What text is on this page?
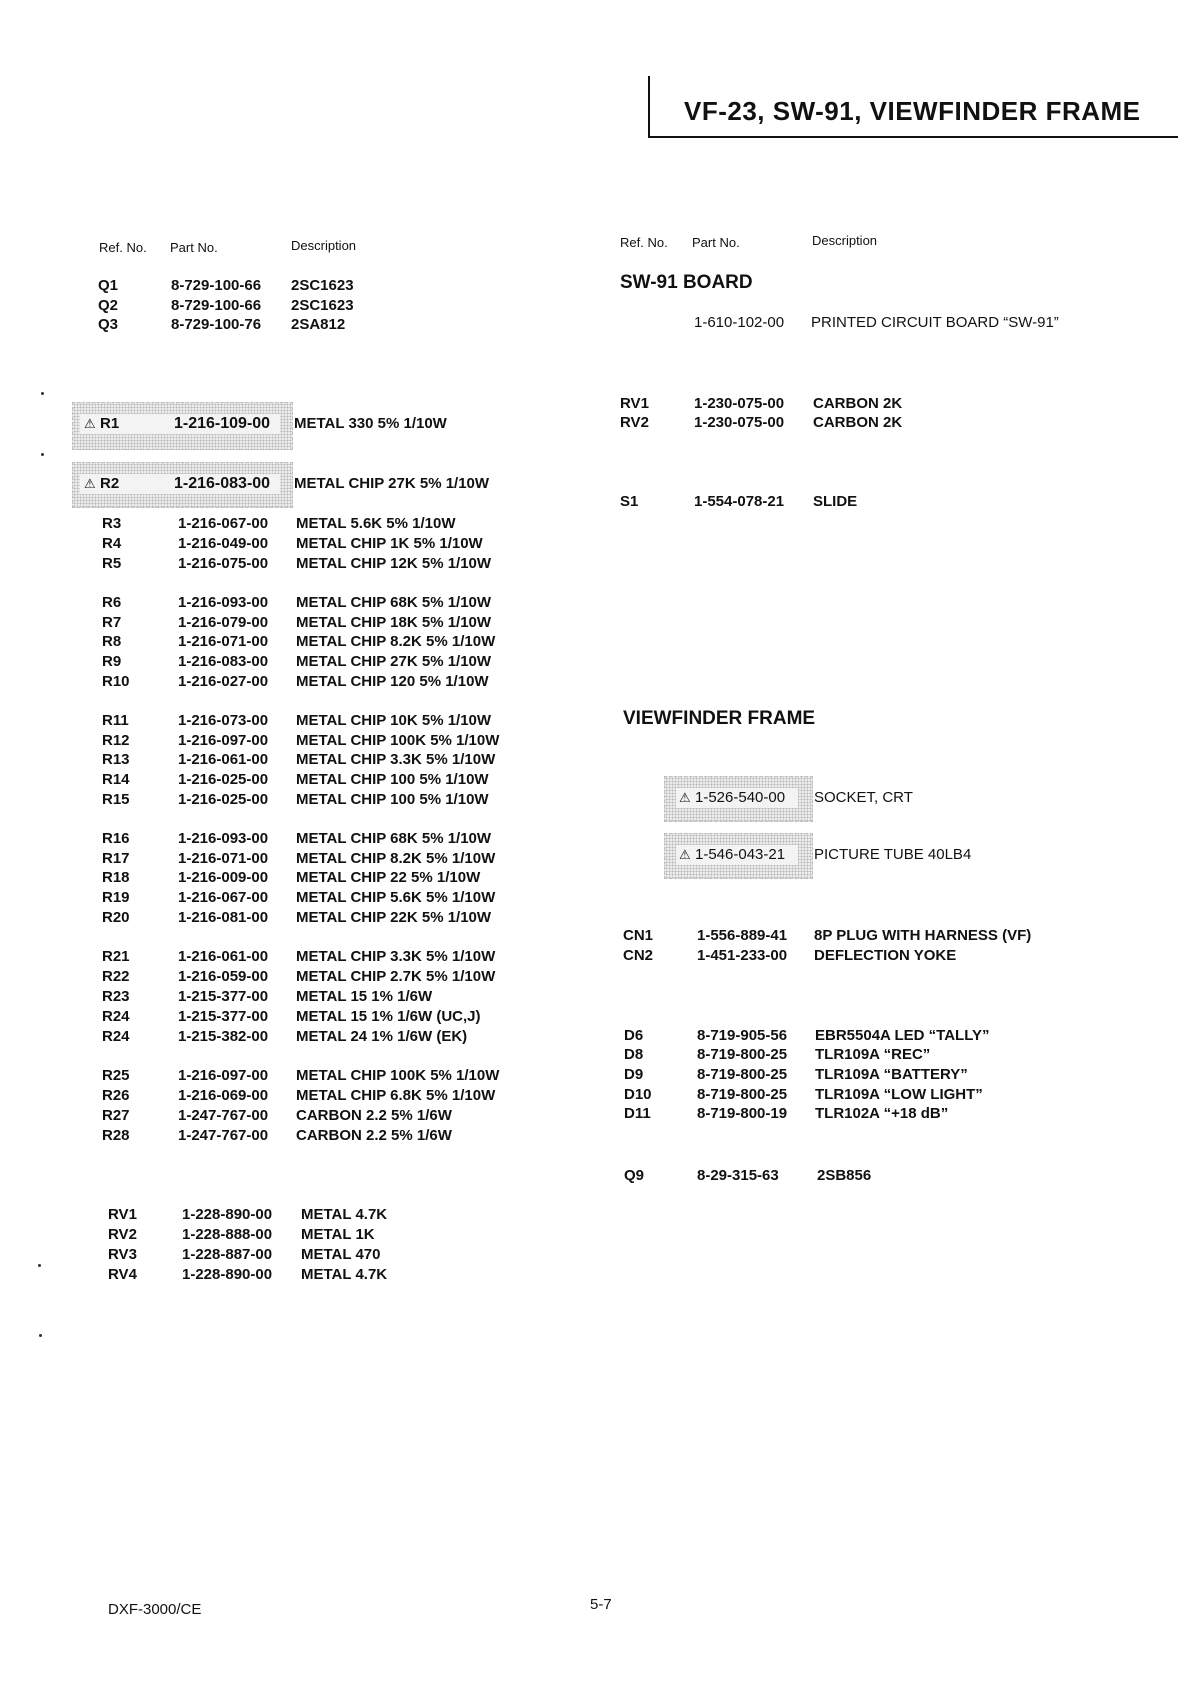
VF-23, SW-91, VIEWFINDER FRAME
Ref. No. Part No.	Description
Q1	8-729-100-66 2SC1623
Q2	8-729-100-66 2SC1623
Q3	8-729-100-76 2SA812
⚠ R1	1-216-109-00 METAL 330 5% 1/10W
⚠ R2	1-216-083-00 METAL CHIP 27K 5% 1/10W
R3	1-216-067-00 METAL 5.6K 5% 1/10W
R4	1-216-049-00 METAL CHIP 1K 5% 1/10W
R5	1-216-075-00 METAL CHIP 12K 5% 1/10W
R6	1-216-093-00 METAL CHIP 68K 5% 1/10W
R7	1-216-079-00 METAL CHIP 18K 5% 1/10W
R8	1-216-071-00 METAL CHIP 8.2K 5% 1/10W
R9	1-216-083-00 METAL CHIP 27K 5% 1/10W
R10	1-216-027-00 METAL CHIP 120 5% 1/10W
R11	1-216-073-00 METAL CHIP 10K 5% 1/10W
R12	1-216-097-00 METAL CHIP 100K 5% 1/10W
R13	1-216-061-00 METAL CHIP 3.3K 5% 1/10W
R14	1-216-025-00 METAL CHIP 100 5% 1/10W
R15	1-216-025-00 METAL CHIP 100 5% 1/10W
R16	1-216-093-00 METAL CHIP 68K 5% 1/10W
R17	1-216-071-00 METAL CHIP 8.2K 5% 1/10W
R18	1-216-009-00 METAL CHIP 22 5% 1/10W
R19	1-216-067-00 METAL CHIP 5.6K 5% 1/10W
R20	1-216-081-00 METAL CHIP 22K 5% 1/10W
R21	1-216-061-00 METAL CHIP 3.3K 5% 1/10W
R22	1-216-059-00 METAL CHIP 2.7K 5% 1/10W
R23	1-215-377-00 METAL 15 1% 1/6W
R24	1-215-377-00 METAL 15 1% 1/6W (UC,J)
R24	1-215-382-00 METAL 24 1% 1/6W (EK)
R25	1-216-097-00 METAL CHIP 100K 5% 1/10W
R26	1-216-069-00 METAL CHIP 6.8K 5% 1/10W
R27	1-247-767-00 CARBON 2.2 5% 1/6W
R28	1-247-767-00 CARBON 2.2 5% 1/6W
RV1	1-228-890-00 METAL 4.7K
RV2	1-228-888-00 METAL 1K
RV3	1-228-887-00 METAL 470
RV4	1-228-890-00 METAL 4.7K
Ref. No. Part No.	Description
SW-91 BOARD
1-610-102-00 PRINTED CIRCUIT BOARD “SW-91”
RV1	1-230-075-00 CARBON 2K
RV2	1-230-075-00 CARBON 2K
S1	1-554-078-21 SLIDE
VIEWFINDER FRAME
⚠ 1-526-540-00 SOCKET, CRT
⚠ 1-546-043-21 PICTURE TUBE 40LB4
CN1	1-556-889-41 8P PLUG WITH HARNESS (VF)
CN2	1-451-233-00 DEFLECTION YOKE
D6	8-719-905-56 EBR5504A LED “TALLY”
D8	8-719-800-25 TLR109A “REC”
D9	8-719-800-25 TLR109A “BATTERY”
D10	8-719-800-25 TLR109A “LOW LIGHT”
D11	8-719-800-19 TLR102A “+18 dB”
Q9	8-29-315-63	2SB856
DXF-3000/CE	5-7
